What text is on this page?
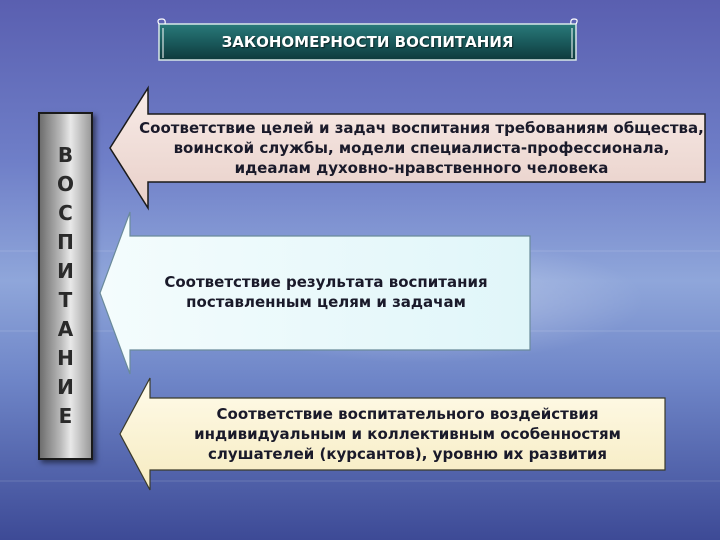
ЗАКОНОМЕРНОСТИ ВОСПИТАНИЯ
В
О
С
П
И
Т
А
Н
И
Е
Соответствие целей и задач воспитания требованиям общества, воинской службы, модели специалиста-профессионала, идеалам духовно-нравственного человека
Соответствие результата воспитания поставленным целям и задачам
Соответствие воспитательного воздействия индивидуальным и коллективным особенностям слушателей (курсантов), уровню их развития
